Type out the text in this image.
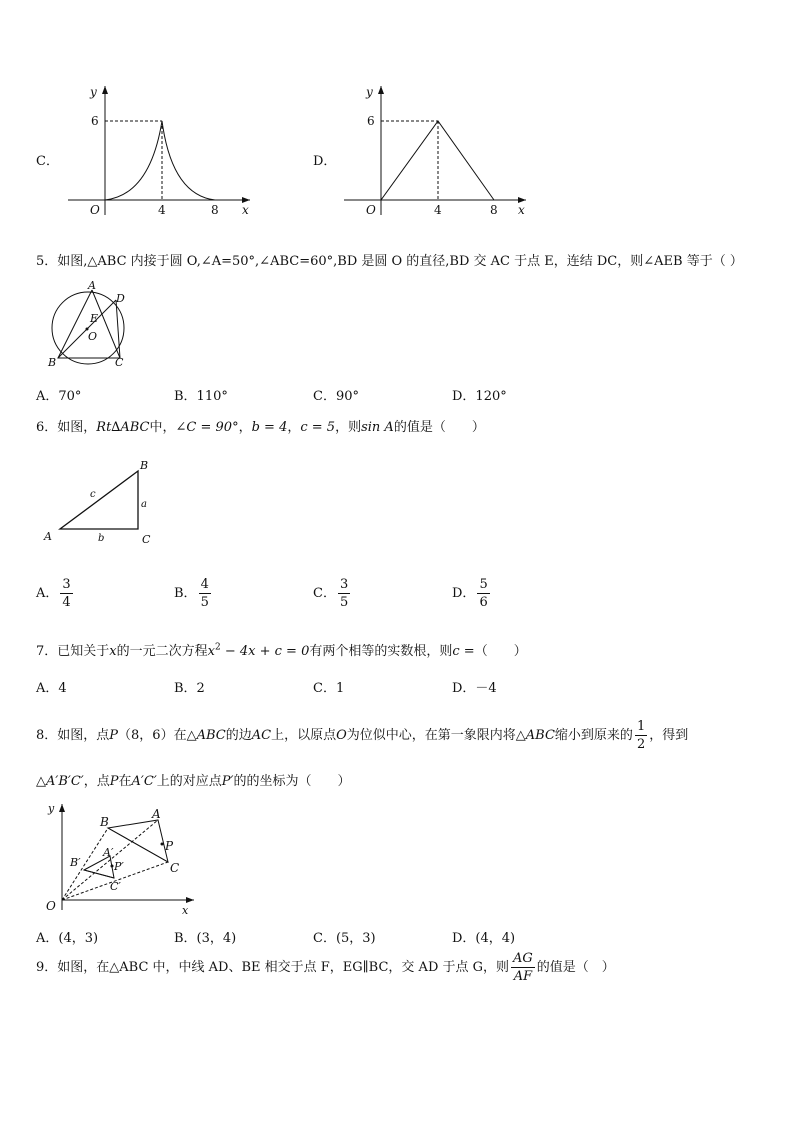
C．
y
x
O
6
4	8
D．
y
x
O
6
4	8
5．如图,△ABC 内接于圆 O,∠A=50°,∠ABC=60°,BD 是圆 O 的直径,BD 交 AC 于点 E，连结 DC，则∠AEB 等于（ ）
A
B	C
D
E
O
A．70°	B．110°	C．90°	D．120°
6．如图，Rt∆ABC中，∠C = 90°，b = 4，c = 5，则sin A的值是（　　）
A
B
C
a
b
c
A． $\frac{3}{4}$	B． $\frac{4}{5}$	C． $\frac{3}{5}$	D． $\frac{5}{6}$
7．已知关于x的一元二次方程$x^2 - 4x + c = 0$有两个相等的实数根，则c =（　　）
A．4	B．2	C．1	D．－4
8．如图，点P（8，6）在△ABC的边AC上，以原点O为位似中心，在第一象限内将△ABC缩小到原来的 $\frac{1}{2}$ ，得到
△A′B′C′，点P在A′C′上的对应点P′的的坐标为（　　）
y
x
O
A
B
C
P
A′
B′
C′
P′
A．(4，3)	B．(3，4)	C．(5，3)	D．(4，4)
9．如图，在△ABC 中，中线 AD、BE 相交于点 F，EG∥BC，交 AD 于点 G，则 $\frac{AG}{AF}$ 的值是（　）
